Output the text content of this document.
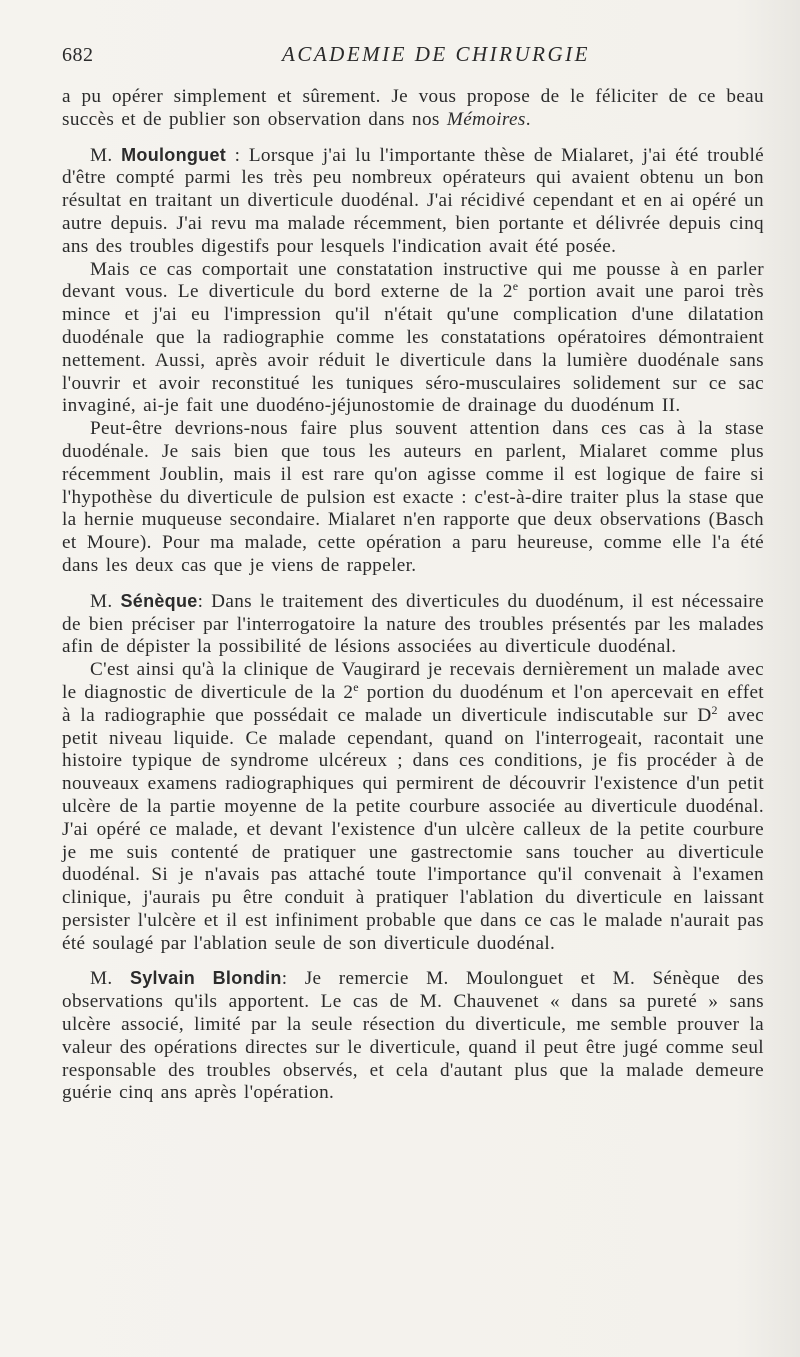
682	ACADEMIE DE CHIRURGIE

a pu opérer simplement et sûrement. Je vous propose de le féliciter de ce beau succès et de publier son observation dans nos Mémoires.

M. Moulonguet : Lorsque j'ai lu l'importante thèse de Mialaret, j'ai été troublé d'être compté parmi les très peu nombreux opérateurs qui avaient obtenu un bon résultat en traitant un diverticule duodénal. J'ai récidivé cependant et en ai opéré un autre depuis. J'ai revu ma malade récemment, bien portante et délivrée depuis cinq ans des troubles digestifs pour lesquels l'indication avait été posée.

Mais ce cas comportait une constatation instructive qui me pousse à en parler devant vous. Le diverticule du bord externe de la 2e portion avait une paroi très mince et j'ai eu l'impression qu'il n'était qu'une complication d'une dilatation duodénale que la radiographie comme les constatations opératoires démontraient nettement. Aussi, après avoir réduit le diverticule dans la lumière duodénale sans l'ouvrir et avoir reconstitué les tuniques séro-musculaires solidement sur ce sac invaginé, ai-je fait une duodéno-jéjunostomie de drainage du duodénum II.

Peut-être devrions-nous faire plus souvent attention dans ces cas à la stase duodénale. Je sais bien que tous les auteurs en parlent, Mialaret comme plus récemment Joublin, mais il est rare qu'on agisse comme il est logique de faire si l'hypothèse du diverticule de pulsion est exacte : c'est-à-dire traiter plus la stase que la hernie muqueuse secondaire. Mialaret n'en rapporte que deux observations (Basch et Moure). Pour ma malade, cette opération a paru heureuse, comme elle l'a été dans les deux cas que je viens de rappeler.

M. Sénèque: Dans le traitement des diverticules du duodénum, il est nécessaire de bien préciser par l'interrogatoire la nature des troubles présentés par les malades afin de dépister la possibilité de lésions associées au diverticule duodénal.

C'est ainsi qu'à la clinique de Vaugirard je recevais dernièrement un malade avec le diagnostic de diverticule de la 2e portion du duodénum et l'on apercevait en effet à la radiographie que possédait ce malade un diverticule indiscutable sur $D^2$ avec petit niveau liquide. Ce malade cependant, quand on l'interrogeait, racontait une histoire typique de syndrome ulcéreux ; dans ces conditions, je fis procéder à de nouveaux examens radiographiques qui permirent de découvrir l'existence d'un petit ulcère de la partie moyenne de la petite courbure associée au diverticule duodénal. J'ai opéré ce malade, et devant l'existence d'un ulcère calleux de la petite courbure je me suis contenté de pratiquer une gastrectomie sans toucher au diverticule duodénal. Si je n'avais pas attaché toute l'importance qu'il convenait à l'examen clinique, j'aurais pu être conduit à pratiquer l'ablation du diverticule en laissant persister l'ulcère et il est infiniment probable que dans ce cas le malade n'aurait pas été soulagé par l'ablation seule de son diverticule duodénal.

M. Sylvain Blondin: Je remercie M. Moulonguet et M. Sénèque des observations qu'ils apportent. Le cas de M. Chauvenet « dans sa pureté » sans ulcère associé, limité par la seule résection du diverticule, me semble prouver la valeur des opérations directes sur le diverticule, quand il peut être jugé comme seul responsable des troubles observés, et cela d'autant plus que la malade demeure guérie cinq ans après l'opération.
